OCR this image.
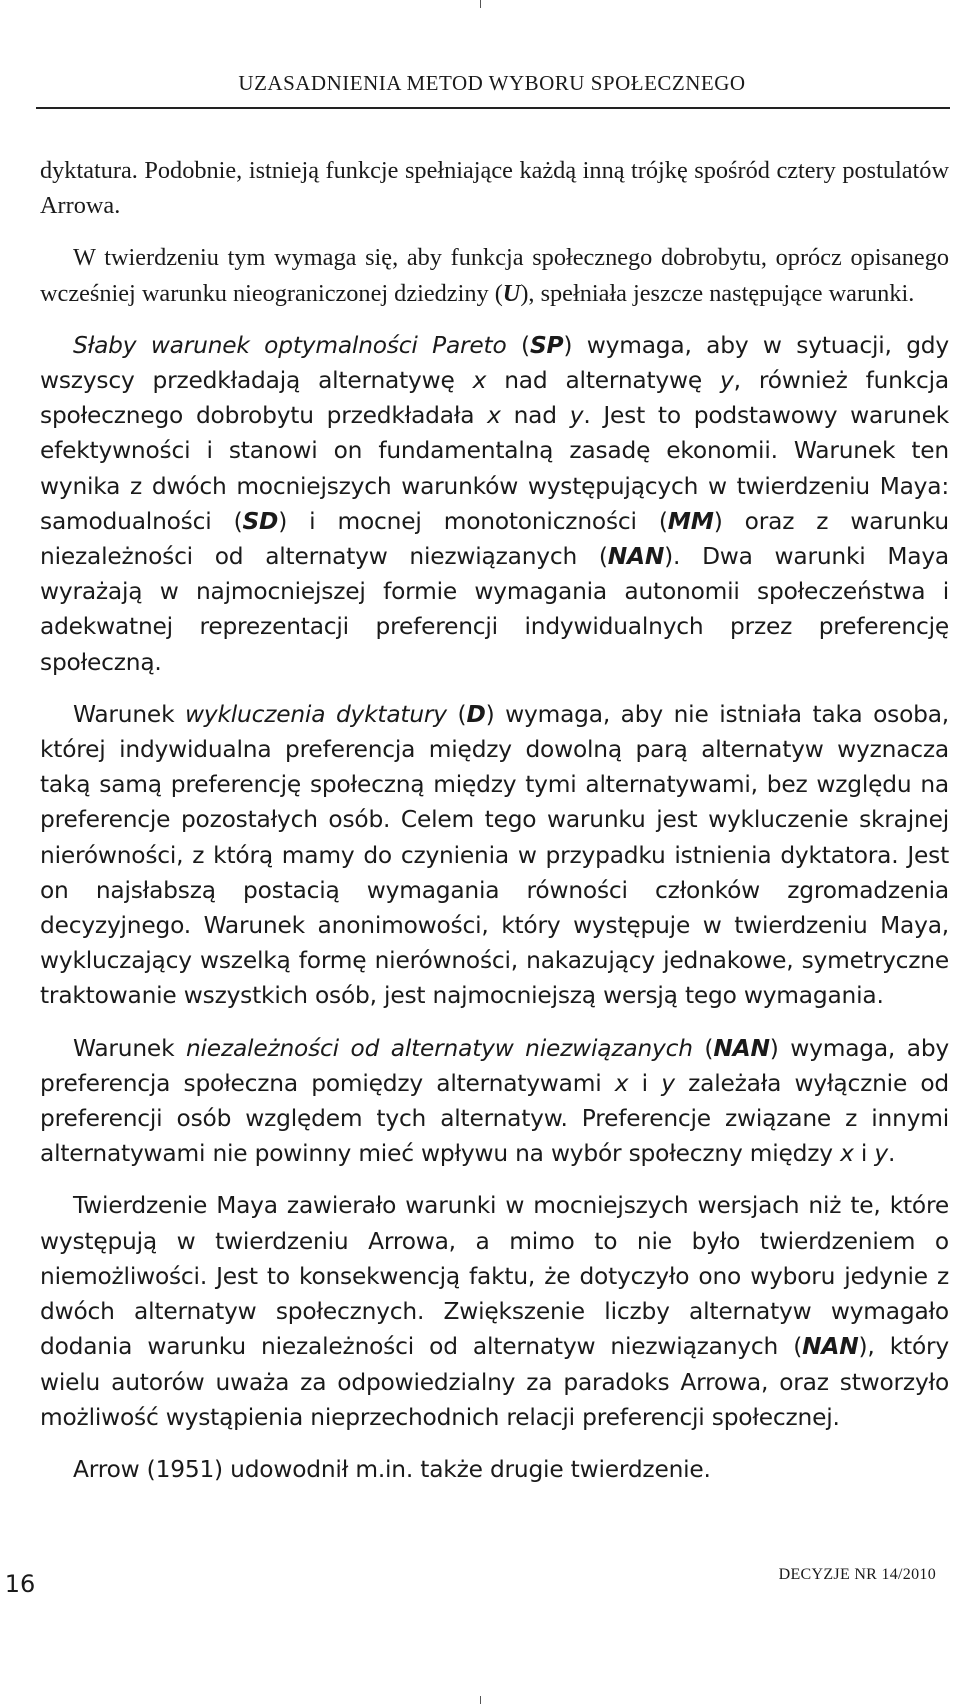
UZASADNIENIA METOD WYBORU SPOŁECZNEGO

dyktatura. Podobnie, istnieją funkcje spełniające każdą inną trójkę spośród cztery postulatów Arrowa.

W twierdzeniu tym wymaga się, aby funkcja społecznego dobrobytu, oprócz opisanego wcześniej warunku nieograniczonej dziedziny (U), spełniała jeszcze następujące warunki.

Słaby warunek optymalności Pareto (SP) wymaga, aby w sytuacji, gdy wszyscy przedkładają alternatywę x nad alternatywę y, również funkcja społecznego dobrobytu przedkładała x nad y. Jest to podstawowy warunek efektywności i stanowi on fundamentalną zasadę ekonomii. Warunek ten wynika z dwóch mocniejszych warunków występujących w twierdzeniu Maya: samodualności (SD) i mocnej monotoniczności (MM) oraz z warunku niezależności od alternatyw niezwiązanych (NAN). Dwa warunki Maya wyrażają w najmocniejszej formie wymagania autonomii społeczeństwa i adekwatnej reprezentacji preferencji indywidualnych przez preferencję społeczną.

Warunek wykluczenia dyktatury (D) wymaga, aby nie istniała taka osoba, której indywidualna preferencja między dowolną parą alternatyw wyznacza taką samą preferencję społeczną między tymi alternatywami, bez względu na preferencje pozostałych osób. Celem tego warunku jest wykluczenie skrajnej nierówności, z którą mamy do czynienia w przypadku istnienia dyktatora. Jest on najsłabszą postacią wymagania równości członków zgromadzenia decyzyjnego. Warunek anonimowości, który występuje w twierdzeniu Maya, wykluczający wszelką formę nierówności, nakazujący jednakowe, symetryczne traktowanie wszystkich osób, jest najmocniejszą wersją tego wymagania.

Warunek niezależności od alternatyw niezwiązanych (NAN) wymaga, aby preferencja społeczna pomiędzy alternatywami x i y zależała wyłącznie od preferencji osób względem tych alternatyw. Preferencje związane z innymi alternatywami nie powinny mieć wpływu na wybór społeczny między x i y.

Twierdzenie Maya zawierało warunki w mocniejszych wersjach niż te, które występują w twierdzeniu Arrowa, a mimo to nie było twierdzeniem o niemożliwości. Jest to konsekwencją faktu, że dotyczyło ono wyboru jedynie z dwóch alternatyw społecznych. Zwiększenie liczby alternatyw wymagało dodania warunku niezależności od alternatyw niezwiązanych (NAN), który wielu autorów uważa za odpowiedzialny za paradoks Arrowa, oraz stworzyło możliwość wystąpienia nieprzechodnich relacji preferencji społecznej.

Arrow (1951) udowodnił m.in. także drugie twierdzenie.

16	DECYZJE NR 14/2010
